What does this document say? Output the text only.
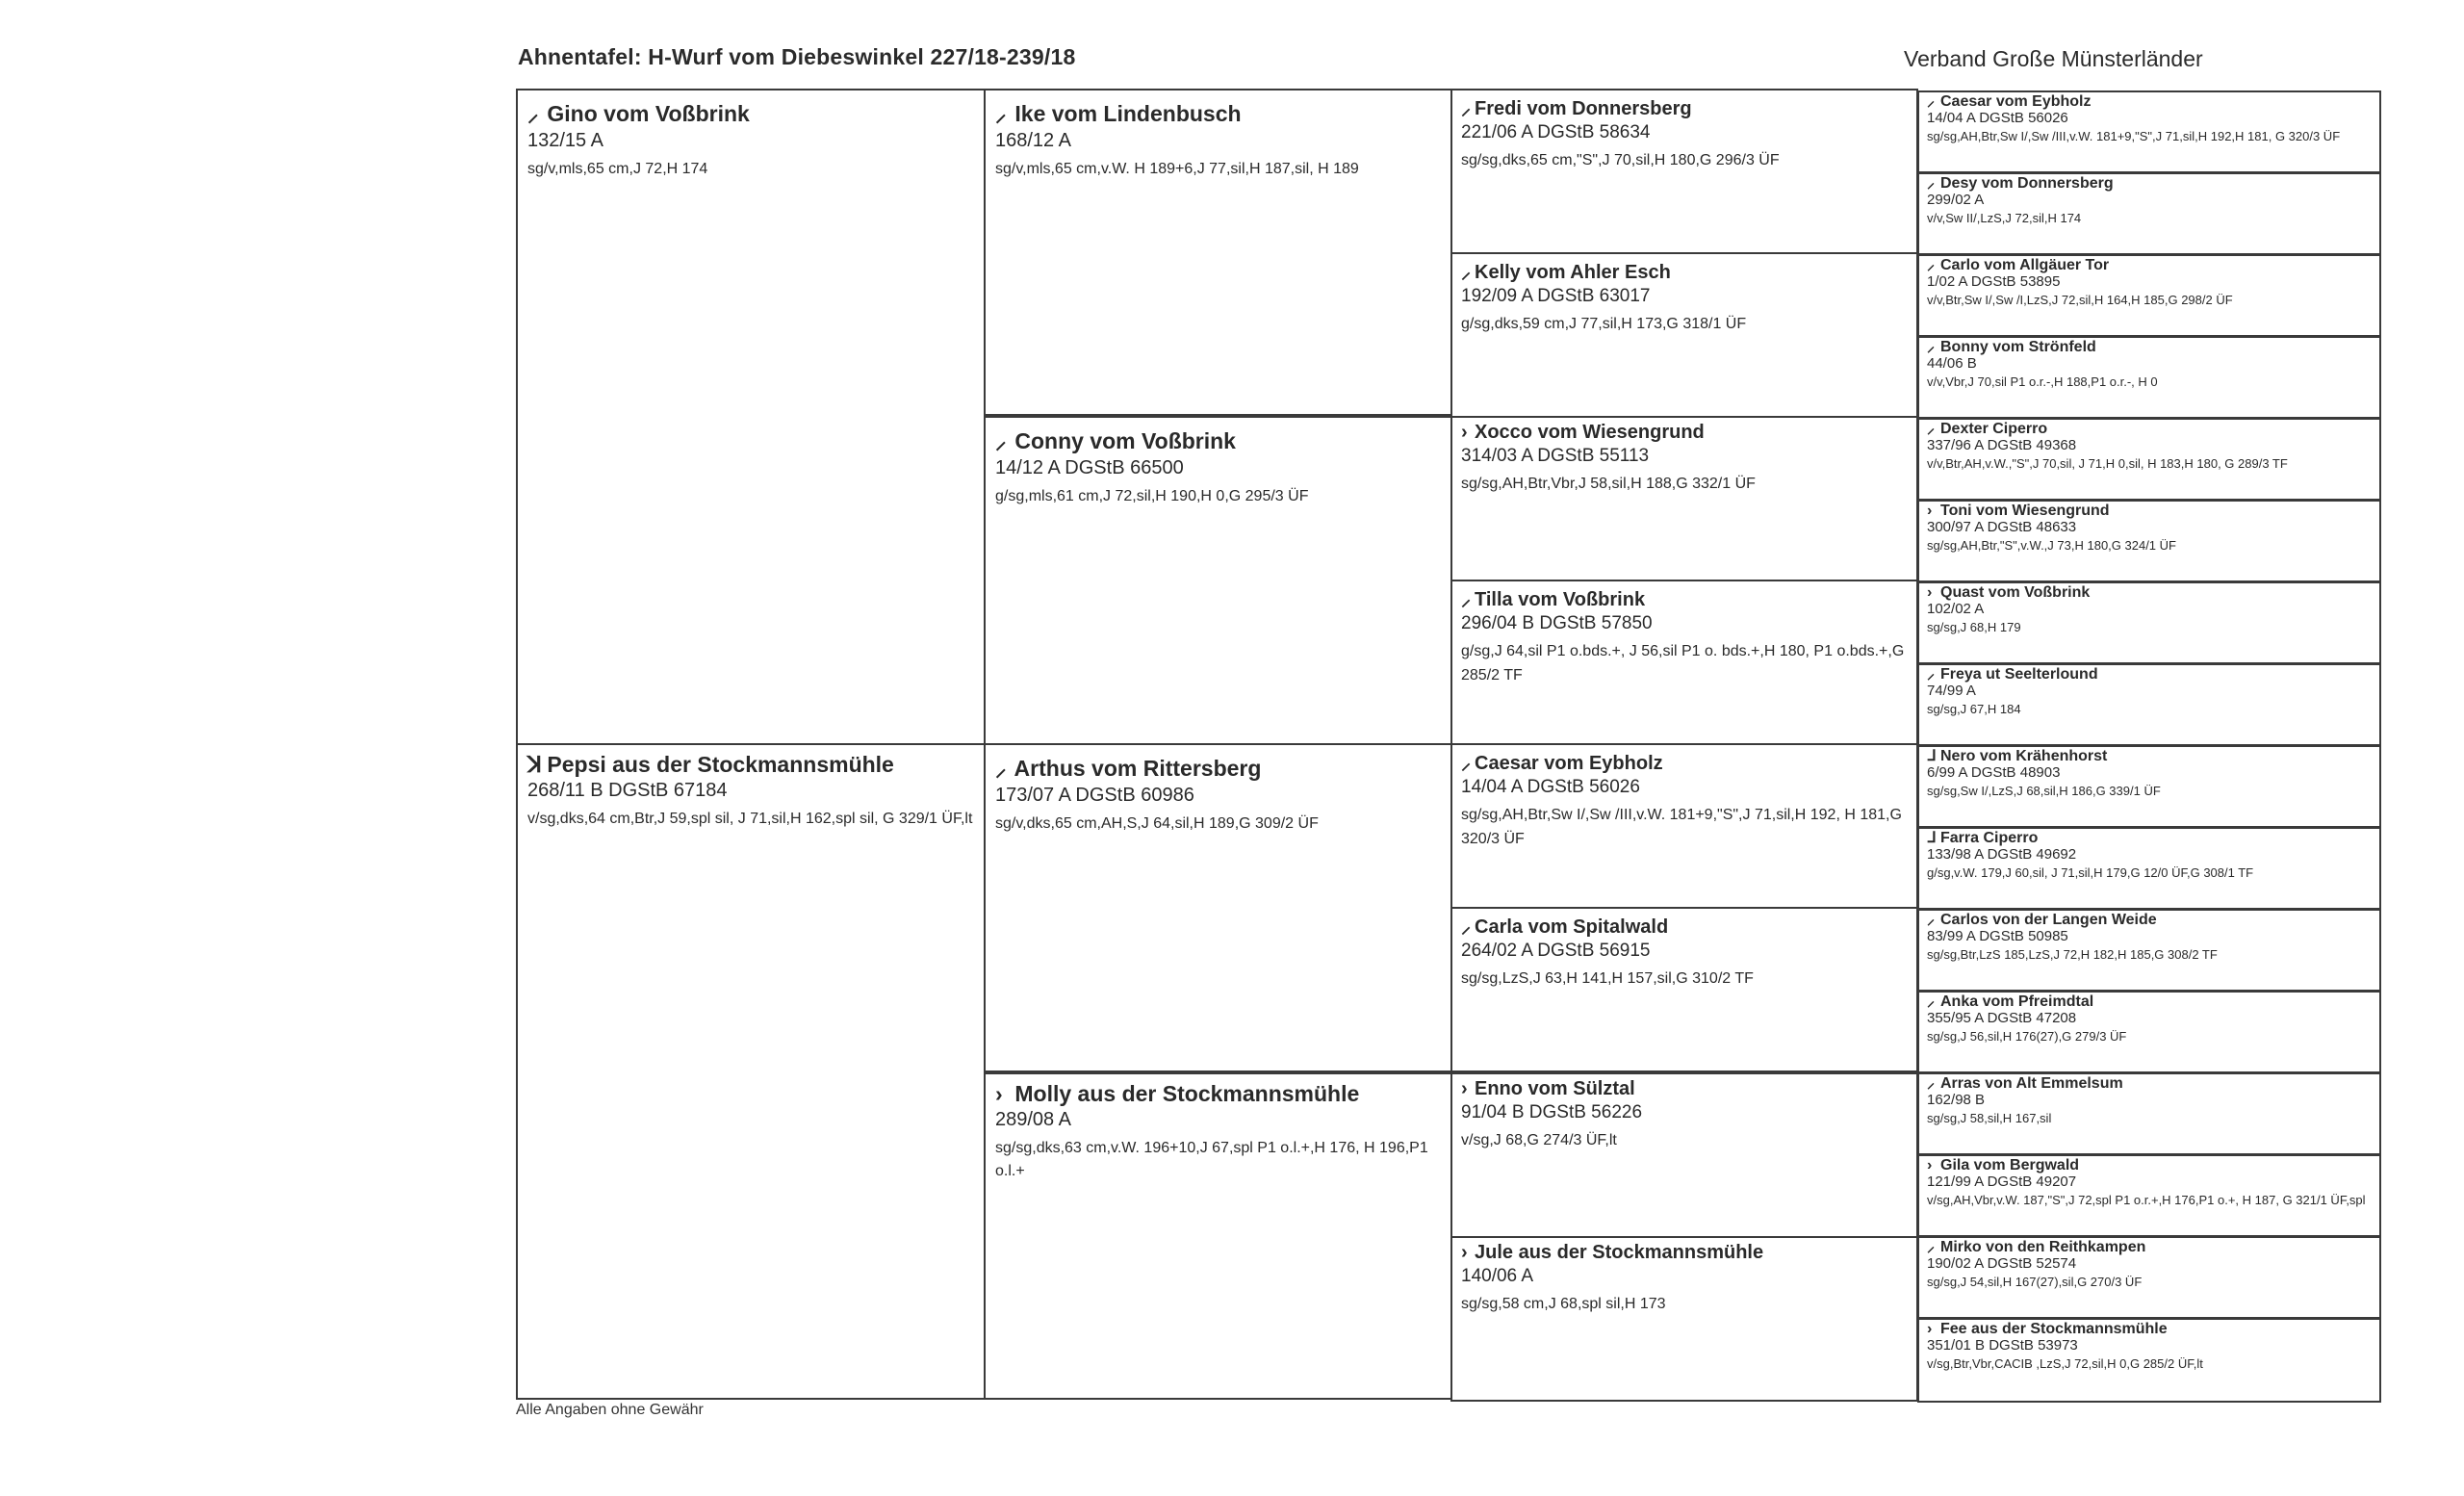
Ahnentafel: H-Wurf vom Diebeswinkel 227/18-239/18	Verband Große Münsterländer
⸝ Gino vom Voßbrink
132/15 A
sg/v,mls,65 cm,J 72,H 174
ꓘ Pepsi aus der Stockmannsmühle
268/11 B DGStB 67184
v/sg,dks,64 cm,Btr,J 59,spl sil, J 71,sil,H 162,spl sil, G 329/1 ÜF,lt
⸝ Ike vom Lindenbusch
168/12 A
sg/v,mls,65 cm,v.W. H 189+6,J 77,sil,H 187,sil, H 189
⸝ Conny vom Voßbrink
14/12 A DGStB 66500
g/sg,mls,61 cm,J 72,sil,H 190,H 0,G 295/3 ÜF
⸝ Arthus vom Rittersberg
173/07 A DGStB 60986
sg/v,dks,65 cm,AH,S,J 64,sil,H 189,G 309/2 ÜF
› Molly aus der Stockmannsmühle
289/08 A
sg/sg,dks,63 cm,v.W. 196+10,J 67,spl P1 o.l.+,H 176, H 196,P1 o.l.+
⸝ Fredi vom Donnersberg
221/06 A DGStB 58634
sg/sg,dks,65 cm,"S",J 70,sil,H 180,G 296/3 ÜF
⸝ Kelly vom Ahler Esch
192/09 A DGStB 63017
g/sg,dks,59 cm,J 77,sil,H 173,G 318/1 ÜF
› Xocco vom Wiesengrund
314/03 A DGStB 55113
sg/sg,AH,Btr,Vbr,J 58,sil,H 188,G 332/1 ÜF
⸝ Tilla vom Voßbrink
296/04 B DGStB 57850
g/sg,J 64,sil P1 o.bds.+, J 56,sil P1 o. bds.+,H 180, P1 o.bds.+,G 285/2 TF
⸝ Caesar vom Eybholz
14/04 A DGStB 56026
sg/sg,AH,Btr,Sw I/,Sw /III,v.W. 181+9,"S",J 71,sil,H 192, H 181,G 320/3 ÜF
⸝ Carla vom Spitalwald
264/02 A DGStB 56915
sg/sg,LzS,J 63,H 141,H 157,sil,G 310/2 TF
› Enno vom Sülztal
91/04 B DGStB 56226
v/sg,J 68,G 274/3 ÜF,lt
› Jule aus der Stockmannsmühle
140/06 A
sg/sg,58 cm,J 68,spl sil,H 173
⸝ Caesar vom Eybholz
14/04 A DGStB 56026
sg/sg,AH,Btr,Sw I/,Sw /III,v.W. 181+9,"S",J 71,sil,H 192,H 181, G 320/3 ÜF
⸝ Desy vom Donnersberg
299/02 A
v/v,Sw II/,LzS,J 72,sil,H 174
⸝ Carlo vom Allgäuer Tor
1/02 A DGStB 53895
v/v,Btr,Sw I/,Sw /I,LzS,J 72,sil,H 164,H 185,G 298/2 ÜF
⸝ Bonny vom Strönfeld
44/06 B
v/v,Vbr,J 70,sil P1 o.r.-,H 188,P1 o.r.-, H 0
⸝ Dexter Ciperro
337/96 A DGStB 49368
v/v,Btr,AH,v.W.,"S",J 70,sil, J 71,H 0,sil, H 183,H 180, G 289/3 TF
› Toni vom Wiesengrund
300/97 A DGStB 48633
sg/sg,AH,Btr,"S",v.W.,J 73,H 180,G 324/1 ÜF
› Quast vom Voßbrink
102/02 A
sg/sg,J 68,H 179
⸝ Freya ut Seelterlound
74/99 A
sg/sg,J 67,H 184
ᒧ Nero vom Krähenhorst
6/99 A DGStB 48903
sg/sg,Sw I/,LzS,J 68,sil,H 186,G 339/1 ÜF
ᒧ Farra Ciperro
133/98 A DGStB 49692
g/sg,v.W. 179,J 60,sil, J 71,sil,H 179,G 12/0 ÜF,G 308/1 TF
⸝ Carlos von der Langen Weide
83/99 A DGStB 50985
sg/sg,Btr,LzS 185,LzS,J 72,H 182,H 185,G 308/2 TF
⸝ Anka vom Pfreimdtal
355/95 A DGStB 47208
sg/sg,J 56,sil,H 176(27),G 279/3 ÜF
⸝ Arras von Alt Emmelsum
162/98 B
sg/sg,J 58,sil,H 167,sil
› Gila vom Bergwald
121/99 A DGStB 49207
v/sg,AH,Vbr,v.W. 187,"S",J 72,spl P1 o.r.+,H 176,P1 o.+, H 187, G 321/1 ÜF,spl
⸝ Mirko von den Reithkampen
190/02 A DGStB 52574
sg/sg,J 54,sil,H 167(27),sil,G 270/3 ÜF
› Fee aus der Stockmannsmühle
351/01 B DGStB 53973
v/sg,Btr,Vbr,CACIB ,LzS,J 72,sil,H 0,G 285/2 ÜF,lt
Alle Angaben ohne Gewähr
